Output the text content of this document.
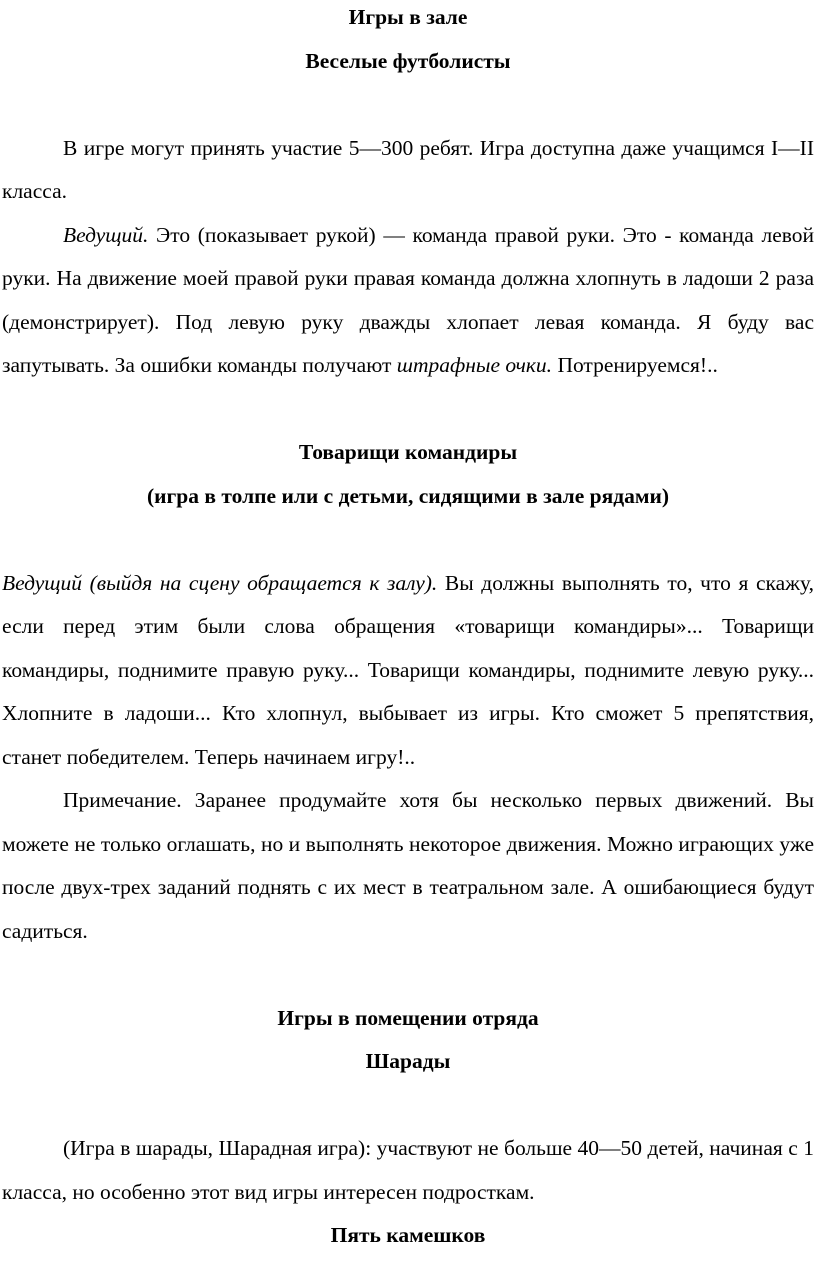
Игры в зале

Веселые футболисты

В игре могут принять участие 5—300 ребят. Игра доступна даже учащимся I—II класса.

Ведущий. Это (показывает рукой) — команда правой руки. Это - команда левой руки. На движение моей правой руки правая команда должна хлопнуть в ладоши 2 раза (демонстрирует). Под левую руку дважды хлопает левая команда. Я буду вас запутывать. За ошибки команды получают штрафные очки. Потренируемся!..

Товарищи командиры

(игра в толпе или с детьми, сидящими в зале рядами)

Ведущий (выйдя на сцену обращается к залу). Вы должны выполнять то, что я скажу, если перед этим были слова обращения «товарищи командиры»... Товарищи командиры, поднимите правую руку... Товарищи командиры, поднимите левую руку... Хлопните в ладоши... Кто хлопнул, выбывает из игры. Кто сможет 5 препятствия, станет победителем. Теперь начинаем игру!..

Примечание. Заранее продумайте хотя бы несколько первых движений. Вы можете не только оглашать, но и выполнять некоторое движения. Можно играющих уже после двух-трех заданий поднять с их мест в театральном зале. А ошибающиеся будут садиться.

Игры в помещении отряда

Шарады

(Игра в шарады, Шарадная игра): участвуют не больше 40—50 детей, начиная с 1 класса, но особенно этот вид игры интересен подросткам.

Пять камешков
